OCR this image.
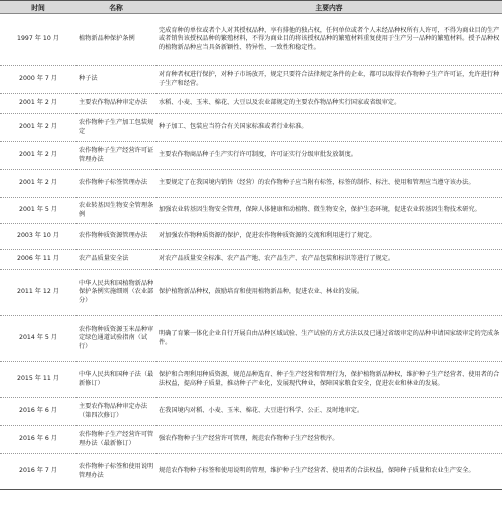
时间	名称	主要内容
1997 年 10 月	植物新品种保护条例	完成育种的单位或者个人对其授权品种，享有排他的独占权，任何单位或者个人未经品种权所有人许可，不得为商业目的生产或者销售该授权品种的繁殖材料，不得为商业目的将该授权品种的繁殖材料重复使用于生产另一品种的繁殖材料。授予品种权的植物新品种应当具备新颖性、特异性、一致性和稳定性。
2000 年 7 月	种子法	对育种者权进行保护，对种子市场放开，规定只要符合法律规定条件的企业，都可以取得农作物种子生产许可证，允许进行种子生产和经营。
2001 年 2 月	主要农作物品种审定办法	水稻、小麦、玉米、棉花、大豆以及农业部规定的主要农作物品种实行国家或省级审定。
2001 年 2 月	农作物种子生产加工包装规定	种子加工、包装应当符合有关国家标准或者行业标准。
2001 年 2 月	农作物种子生产经营许可证管理办法	主要农作物商品种子生产实行许可制度，许可证实行分级审批发放制度。
2001 年 2 月	农作物种子标签管理办法	主要规定了在我国境内销售（经营）的农作物种子应当附有标签，标签的制作、标注、使用和管理应当遵守该办法。
2001 年 5 月	农业转基因生物安全管理条例	加强农业转基因生物安全管理，保障人体健康和动植物、微生物安全，保护生态环境，促进农业转基因生物技术研究。
2003 年 10 月	农作物种质资源管理办法	对加强农作物种质资源的保护，促进农作物种质资源的交流和利用进行了规定。
2006 年 11 月	农产品质量安全法	对农产品质量安全标准、农产品产地、农产品生产、农产品包装和标识等进行了规定。
2011 年 12 月	中华人民共和国植物新品种保护条例实施细则（农业部分）	保护植物新品种权，鼓励培育和使用植物新品种，促进农业、林业的发展。
2014 年 5 月	农作物种质资源玉米品种审定绿色通道试验指南（试行）	明确了育繁一体化企业自行开展自由品种区域试验、生产试验的方式方法以及已通过省级审定的品种申请国家级审定的完成条件。
2015 年 11 月	中华人民共和国种子法（最新修订）	保护和合理利用种质资源，规范品种选育、种子生产经营和管理行为，保护植物新品种权，维护种子生产经营者、使用者的合法权益，提高种子质量，推动种子产业化，发展现代种业，保障国家粮食安全，促进农业和林业的发展。
2016 年 6 月	主要农作物品种审定办法（第四次修订）	在我国境内对稻、小麦、玉米、棉花、大豆进行科学、公正、及时地审定。
2016 年 6 月	农作物种子生产经营许可管理办法（最新修订）	强农作物种子生产经营许可管理，规范农作物种子生产经营秩序。
2016 年 7 月	农作物种子标签和使用说明管理办法	规范农作物种子标签和使用说明的管理，维护种子生产经营者、使用者的合法权益，保障种子质量和农业生产安全。
